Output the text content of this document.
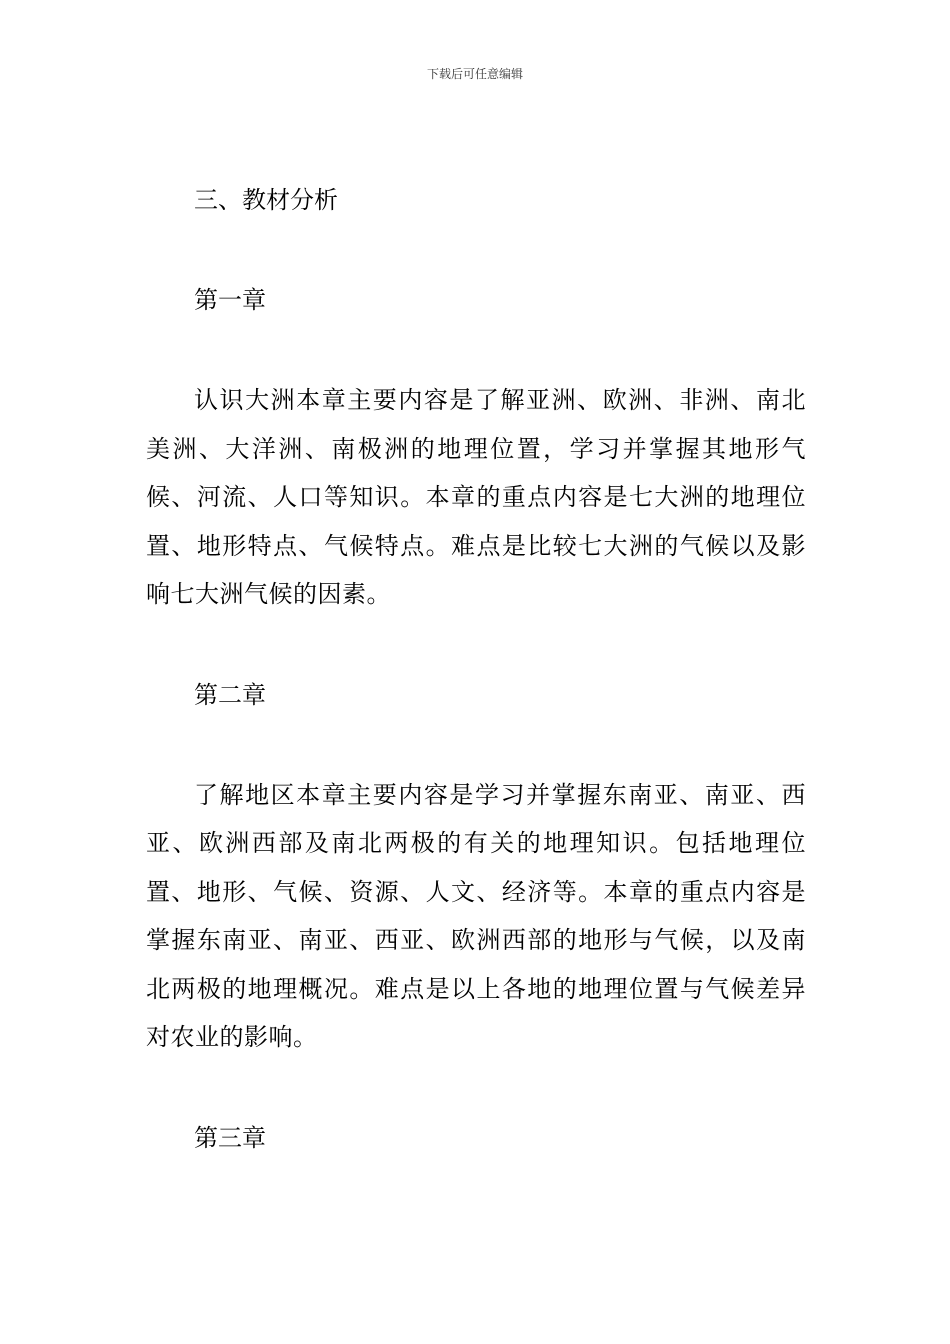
下载后可任意编辑
三、教材分析
第一章

认识大洲本章主要内容是了解亚洲、欧洲、非洲、南北美洲、大洋洲、南极洲的地理位置，学习并掌握其地形气候、河流、人口等知识。本章的重点内容是七大洲的地理位置、地形特点、气候特点。难点是比较七大洲的气候以及影响七大洲气候的因素。

第二章

了解地区本章主要内容是学习并掌握东南亚、南亚、西亚、欧洲西部及南北两极的有关的地理知识。包括地理位置、地形、气候、资源、人文、经济等。本章的重点内容是掌握东南亚、南亚、西亚、欧洲西部的地形与气候，以及南北两极的地理概况。难点是以上各地的地理位置与气候差异对农业的影响。

第三章
